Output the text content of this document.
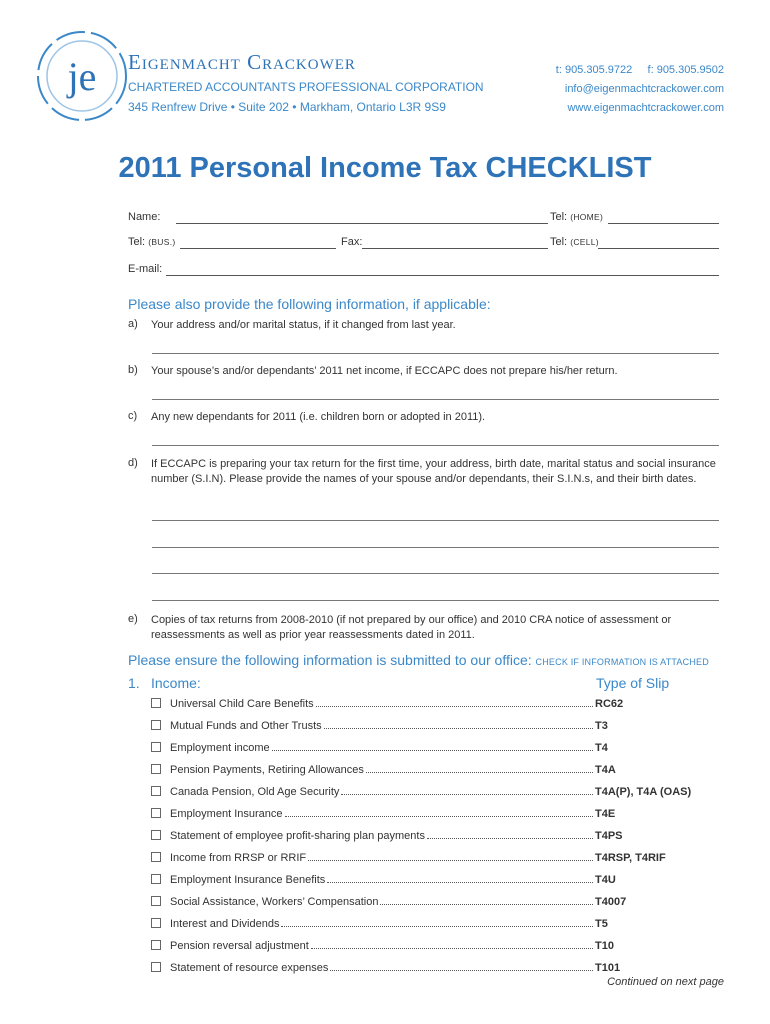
je Eigenmacht Crackower
CHARTERED ACCOUNTANTS PROFESSIONAL CORPORATION
345 Renfrew Drive • Suite 202 • Markham, Ontario L3R 9S9
t: 905.305.9722 f: 905.305.9502
info@eigenmachtcrackower.com
www.eigenmachtcrackower.com
2011 Personal Income Tax CHECKLIST
Name:	Tel: (HOME)
Tel: (BUS.)	Fax:	Tel: (CELL)
E-mail:
Please also provide the following information, if applicable:
a) Your address and/or marital status, if it changed from last year.
b) Your spouse’s and/or dependants’ 2011 net income, if ECCAPC does not prepare his/her return.
c) Any new dependants for 2011 (i.e. children born or adopted in 2011).
d) If ECCAPC is preparing your tax return for the first time, your address, birth date, marital status and social insurance number (S.I.N). Please provide the names of your spouse and/or dependants, their S.I.N.s, and their birth dates.
e) Copies of tax returns from 2008-2010 (if not prepared by our office) and 2010 CRA notice of assessment or reassessments as well as prior year reassessments dated in 2011.
Please ensure the following information is submitted to our office: CHECK IF INFORMATION IS ATTACHED
1. Income:	Type of Slip
Universal Child Care Benefits	RC62
Mutual Funds and Other Trusts	T3
Employment income	T4
Pension Payments, Retiring Allowances	T4A
Canada Pension, Old Age Security	T4A(P), T4A (OAS)
Employment Insurance	T4E
Statement of employee profit-sharing plan payments	T4PS
Income from RRSP or RRIF	T4RSP, T4RIF
Employment Insurance Benefits	T4U
Social Assistance, Workers’ Compensation	T4007
Interest and Dividends	T5
Pension reversal adjustment	T10
Statement of resource expenses	T101
Continued on next page
